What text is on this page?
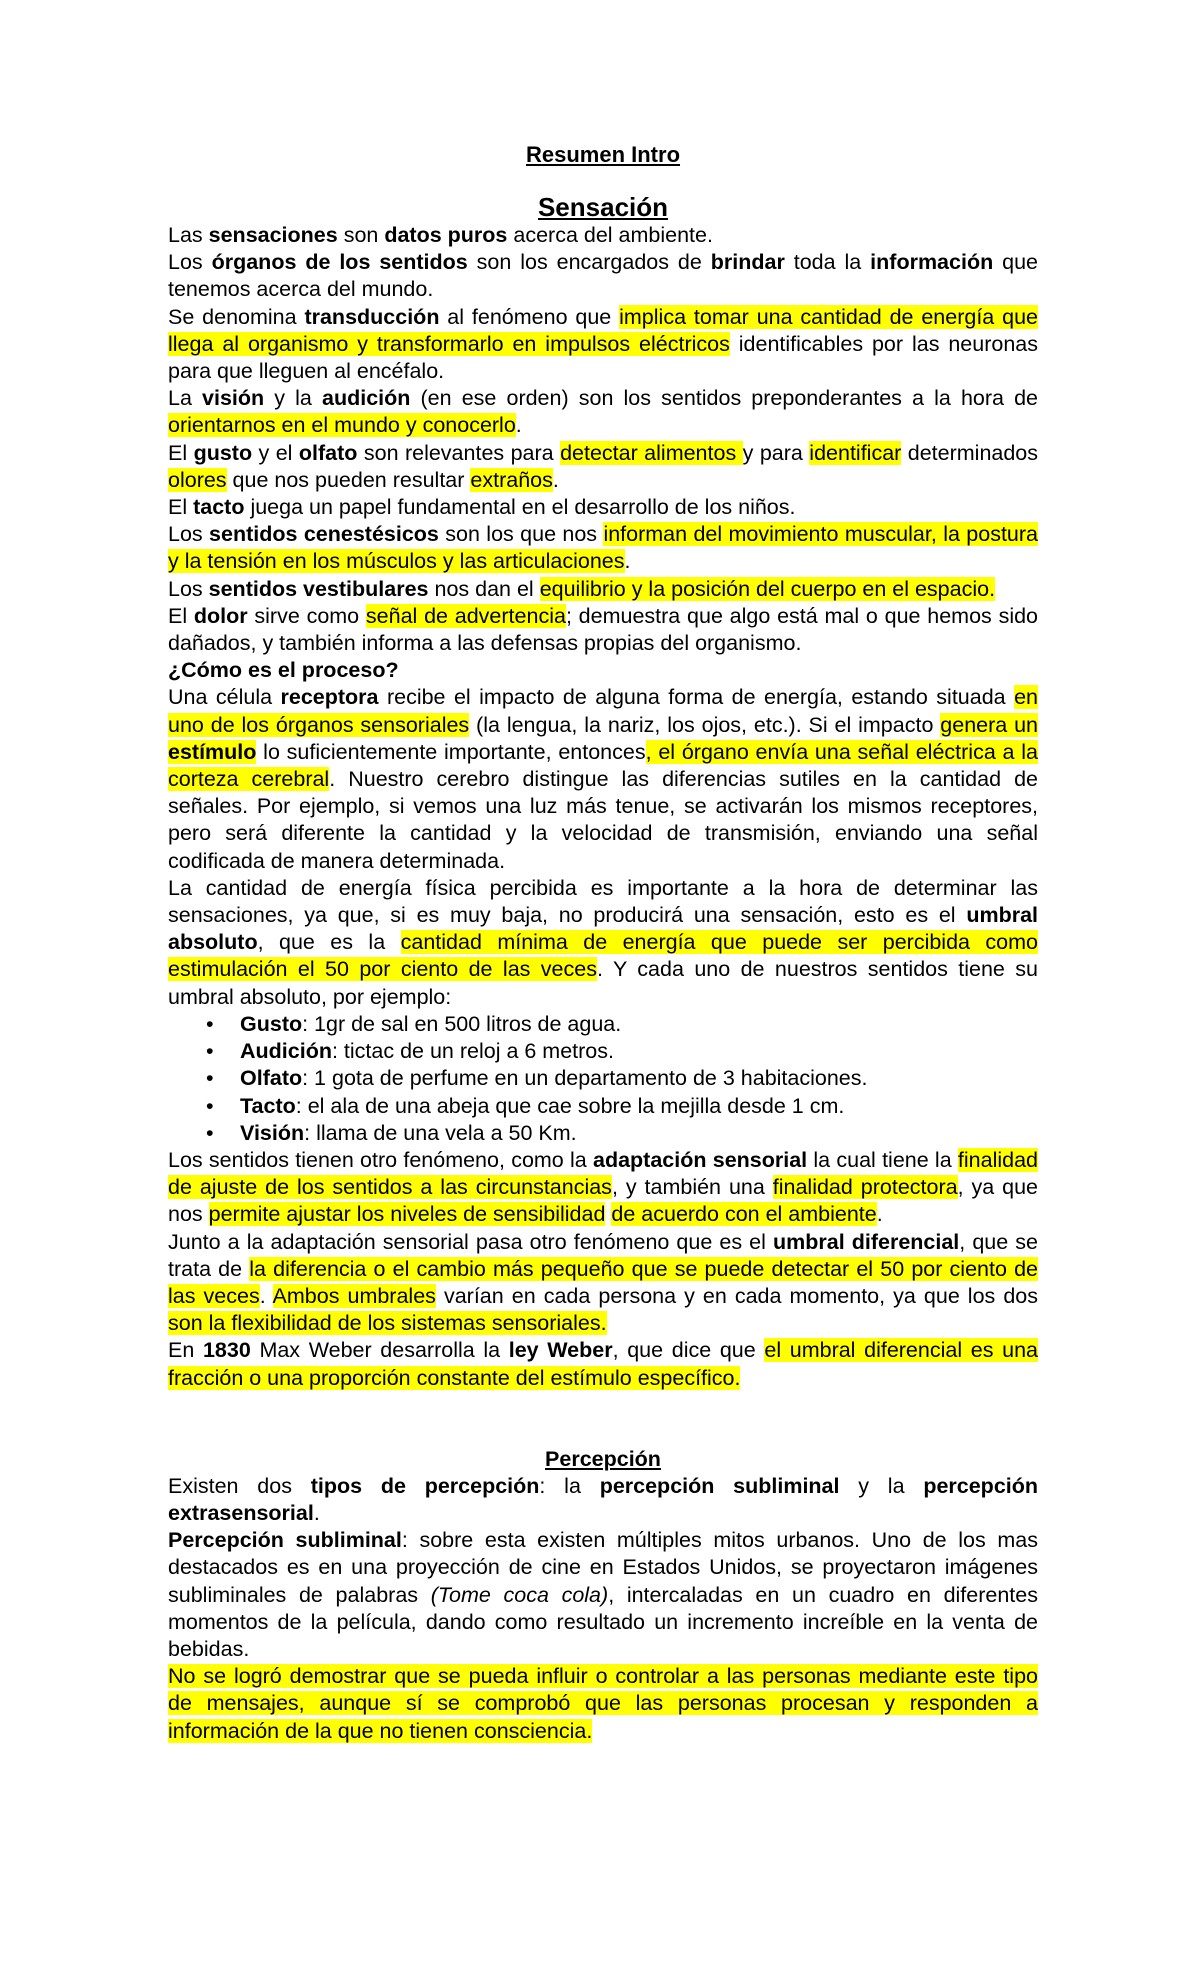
Resumen Intro
Sensación

Las sensaciones son datos puros acerca del ambiente.

Los órganos de los sentidos son los encargados de brindar toda la información que tenemos acerca del mundo.

Se denomina transducción al fenómeno que implica tomar una cantidad de energía que llega al organismo y transformarlo en impulsos eléctricos identificables por las neuronas para que lleguen al encéfalo.

La visión y la audición (en ese orden) son los sentidos preponderantes a la hora de orientarnos en el mundo y conocerlo.

El gusto y el olfato son relevantes para detectar alimentos y para identificar determinados olores que nos pueden resultar extraños.

El tacto juega un papel fundamental en el desarrollo de los niños.

Los sentidos cenestésicos son los que nos informan del movimiento muscular, la postura y la tensión en los músculos y las articulaciones.

Los sentidos vestibulares nos dan el equilibrio y la posición del cuerpo en el espacio.

El dolor sirve como señal de advertencia; demuestra que algo está mal o que hemos sido dañados, y también informa a las defensas propias del organismo.

¿Cómo es el proceso?

Una célula receptora recibe el impacto de alguna forma de energía, estando situada en uno de los órganos sensoriales (la lengua, la nariz, los ojos, etc.). Si el impacto genera un estímulo lo suficientemente importante, entonces, el órgano envía una señal eléctrica a la corteza cerebral. Nuestro cerebro distingue las diferencias sutiles en la cantidad de señales. Por ejemplo, si vemos una luz más tenue, se activarán los mismos receptores, pero será diferente la cantidad y la velocidad de transmisión, enviando una señal codificada de manera determinada.

La cantidad de energía física percibida es importante a la hora de determinar las sensaciones, ya que, si es muy baja, no producirá una sensación, esto es el umbral absoluto, que es la cantidad mínima de energía que puede ser percibida como estimulación el 50 por ciento de las veces. Y cada uno de nuestros sentidos tiene su umbral absoluto, por ejemplo:

• Gusto: 1gr de sal en 500 litros de agua.
• Audición: tictac de un reloj a 6 metros.
• Olfato: 1 gota de perfume en un departamento de 3 habitaciones.
• Tacto: el ala de una abeja que cae sobre la mejilla desde 1 cm.
• Visión: llama de una vela a 50 Km.

Los sentidos tienen otro fenómeno, como la adaptación sensorial la cual tiene la finalidad de ajuste de los sentidos a las circunstancias, y también una finalidad protectora, ya que nos permite ajustar los niveles de sensibilidad de acuerdo con el ambiente.

Junto a la adaptación sensorial pasa otro fenómeno que es el umbral diferencial, que se trata de la diferencia o el cambio más pequeño que se puede detectar el 50 por ciento de las veces. Ambos umbrales varían en cada persona y en cada momento, ya que los dos son la flexibilidad de los sistemas sensoriales.

En 1830 Max Weber desarrolla la ley Weber, que dice que el umbral diferencial es una fracción o una proporción constante del estímulo específico.

Percepción

Existen dos tipos de percepción: la percepción subliminal y la percepción extrasensorial.

Percepción subliminal: sobre esta existen múltiples mitos urbanos. Uno de los mas destacados es en una proyección de cine en Estados Unidos, se proyectaron imágenes subliminales de palabras (Tome coca cola), intercaladas en un cuadro en diferentes momentos de la película, dando como resultado un incremento increíble en la venta de bebidas.

No se logró demostrar que se pueda influir o controlar a las personas mediante este tipo de mensajes, aunque sí se comprobó que las personas procesan y responden a información de la que no tienen consciencia.
